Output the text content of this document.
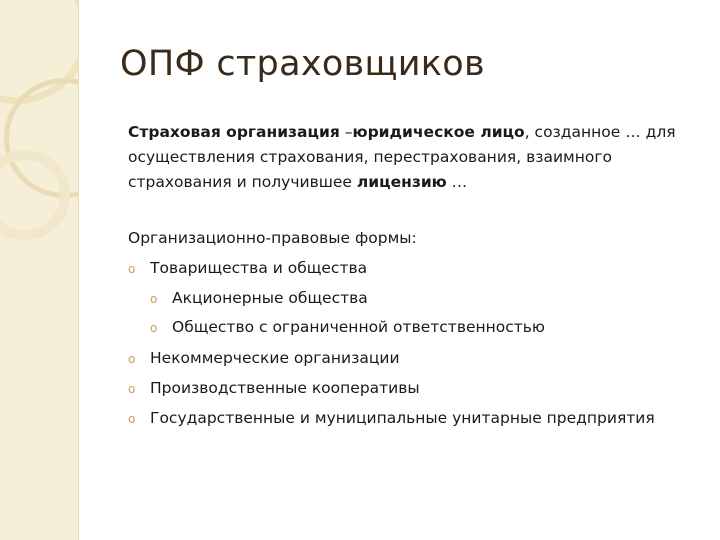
ОПФ страховщиков

Страховая организация –юридическое лицо, созданное … для осуществления страхования, перестрахования, взаимного страхования и получившее лицензию …

Организационно-правовые формы:
o Товарищества и общества
o Акционерные общества
o Общество с ограниченной ответственностью
o Некоммерческие организации
o Производственные кооперативы
o Государственные и муниципальные унитарные предприятия
